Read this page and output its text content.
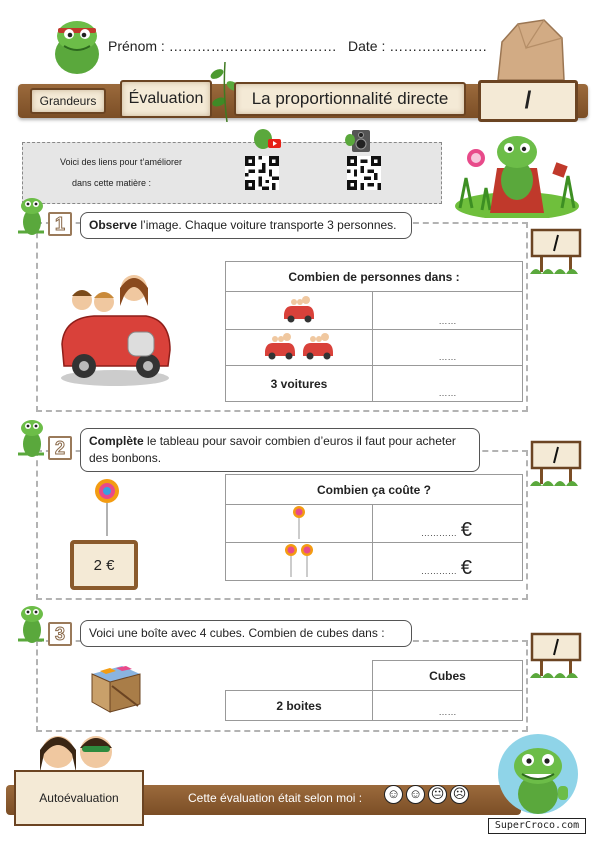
Prénom : ……………………………… Date : …………………
Grandeurs	Évaluation	La proportionnalité directe	/
Voici des liens pour t’améliorer
dans cette matière :
1	Observe l’image. Chaque voiture transporte 3 personnes.
Combien de personnes dans :	
	……
	……
3 voitures	……
2	Complète le tableau pour savoir combien d’euros il faut pour acheter des bonbons.
2 €
Combien ça coûte ?	
	………… €
	………… €
3	Voici une boîte avec 4 cubes. Combien de cubes dans :
	Cubes
2 boites	……
Autoévaluation	Cette évaluation était selon moi : ☺ ☺ 😐 ☹
SuperCroco.com
